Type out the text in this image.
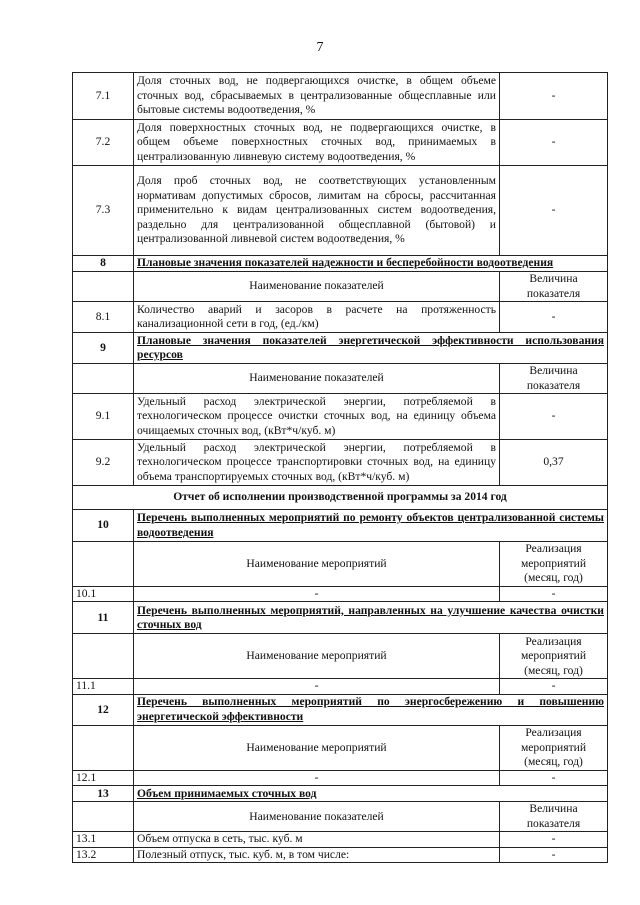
7
7.1	Доля сточных вод, не подвергающихся очистке, в общем объеме сточных вод, сбрасываемых в централизованные общесплавные или бытовые системы водоотведения, %	-
7.2	Доля поверхностных сточных вод, не подвергающихся очистке, в общем объеме поверхностных сточных вод, принимаемых в централизованную ливневую систему водоотведения, %	-
7.3	Доля проб сточных вод, не соответствующих установленным нормативам допустимых сбросов, лимитам на сбросы, рассчитанная применительно к видам централизованных систем водоотведения, раздельно для централизованной общесплавной (бытовой) и централизованной ливневой систем водоотведения, %	-
8	Плановые значения показателей надежности и бесперебойности водоотведения	
	Наименование показателей	Величина показателя
8.1	Количество аварий и засоров в расчете на протяженность канализационной сети в год, (ед./км)	-
9	Плановые значения показателей энергетической эффективности использования ресурсов	
	Наименование показателей	Величина показателя
9.1	Удельный расход электрической энергии, потребляемой в технологическом процессе очистки сточных вод, на единицу объема очищаемых сточных вод, (кВт*ч/куб. м)	-
9.2	Удельный расход электрической энергии, потребляемой в технологическом процессе транспортировки сточных вод, на единицу объема транспортируемых сточных вод, (кВт*ч/куб. м)	0,37
Отчет об исполнении производственной программы за 2014 год		
10	Перечень выполненных мероприятий по ремонту объектов централизованной системы водоотведения	
	Наименование мероприятий	Реализация мероприятий (месяц, год)
10.1	-	-
11	Перечень выполненных мероприятий, направленных на улучшение качества очистки сточных вод	
	Наименование мероприятий	Реализация мероприятий (месяц, год)
11.1	-	-
12	Перечень выполненных мероприятий по энергосбережению и повышению энергетической эффективности	
	Наименование мероприятий	Реализация мероприятий (месяц, год)
12.1	-	-
13	Объем принимаемых сточных вод	
	Наименование показателей	Величина показателя
13.1	Объем отпуска в сеть, тыс. куб. м	-
13.2	Полезный отпуск, тыс. куб. м, в том числе:	-
